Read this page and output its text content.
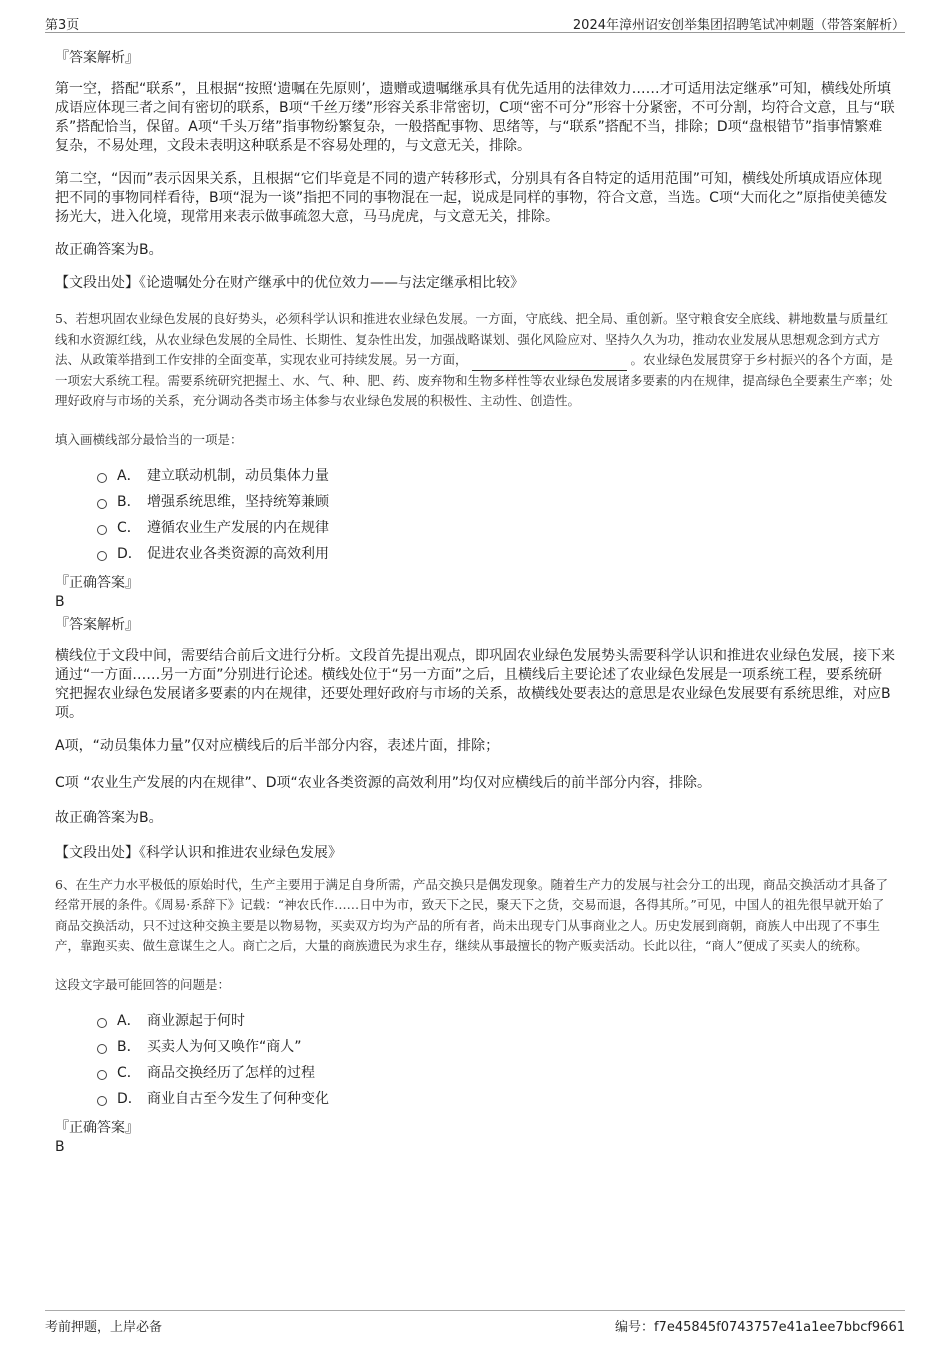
第3页	2024年漳州诏安创举集团招聘笔试冲刺题（带答案解析）

『答案解析』

第一空，搭配“联系”，且根据“按照‘遗嘱在先原则’，遗赠或遗嘱继承具有优先适用的法律效力……才可适用法定继承”可知，横线处所填成语应体现三者之间有密切的联系，B项“千丝万缕”形容关系非常密切，C项“密不可分”形容十分紧密，不可分割，均符合文意，且与“联系”搭配恰当，保留。A项“千头万绪”指事物纷繁复杂，一般搭配事物、思绪等，与“联系”搭配不当，排除；D项“盘根错节”指事情繁难复杂，不易处理，文段未表明这种联系是不容易处理的，与文意无关，排除。

第二空，“因而”表示因果关系，且根据“它们毕竟是不同的遗产转移形式，分别具有各自特定的适用范围”可知，横线处所填成语应体现把不同的事物同样看待，B项“混为一谈”指把不同的事物混在一起，说成是同样的事物，符合文意，当选。C项“大而化之”原指使美德发扬光大，进入化境，现常用来表示做事疏忽大意，马马虎虎，与文意无关，排除。

故正确答案为B。

【文段出处】《论遗嘱处分在财产继承中的优位效力——与法定继承相比较》

5、若想巩固农业绿色发展的良好势头，必须科学认识和推进农业绿色发展。一方面，守底线、把全局、重创新。坚守粮食安全底线、耕地数量与质量红线和水资源红线，从农业绿色发展的全局性、长期性、复杂性出发，加强战略谋划、强化风险应对、坚持久久为功，推动农业发展从思想观念到方式方法、从政策举措到工作安排的全面变革，实现农业可持续发展。另一方面，	。农业绿色发展贯穿于乡村振兴的各个方面，是一项宏大系统工程。需要系统研究把握土、水、气、种、肥、药、废弃物和生物多样性等农业绿色发展诸多要素的内在规律，提高绿色全要素生产率；处理好政府与市场的关系，充分调动各类市场主体参与农业绿色发展的积极性、主动性、创造性。

填入画横线部分最恰当的一项是：

A． 建立联动机制，动员集体力量
B． 增强系统思维，坚持统筹兼顾
C． 遵循农业生产发展的内在规律
D． 促进农业各类资源的高效利用

『正确答案』

B

『答案解析』

横线位于文段中间，需要结合前后文进行分析。文段首先提出观点，即巩固农业绿色发展势头需要科学认识和推进农业绿色发展，接下来通过“一方面……另一方面”分别进行论述。横线处位于“另一方面”之后，且横线后主要论述了农业绿色发展是一项系统工程，要系统研究把握农业绿色发展诸多要素的内在规律，还要处理好政府与市场的关系，故横线处要表达的意思是农业绿色发展要有系统思维，对应B项。

A项，“动员集体力量”仅对应横线后的后半部分内容，表述片面，排除；

C项 “农业生产发展的内在规律”、D项“农业各类资源的高效利用”均仅对应横线后的前半部分内容，排除。

故正确答案为B。

【文段出处】《科学认识和推进农业绿色发展》

6、在生产力水平极低的原始时代，生产主要用于满足自身所需，产品交换只是偶发现象。随着生产力的发展与社会分工的出现，商品交换活动才具备了经常开展的条件。《周易·系辞下》记载：“神农氏作……日中为市，致天下之民，聚天下之货，交易而退，各得其所。”可见，中国人的祖先很早就开始了商品交换活动，只不过这种交换主要是以物易物，买卖双方均为产品的所有者，尚未出现专门从事商业之人。历史发展到商朝，商族人中出现了不事生产，靠跑买卖、做生意谋生之人。商亡之后，大量的商族遗民为求生存，继续从事最擅长的物产贩卖活动。长此以往，“商人”便成了买卖人的统称。

这段文字最可能回答的问题是：

A． 商业源起于何时
B． 买卖人为何又唤作“商人”
C． 商品交换经历了怎样的过程
D． 商业自古至今发生了何种变化

『正确答案』

B

考前押题，上岸必备	编号：f7e45845f0743757e41a1ee7bbcf9661
